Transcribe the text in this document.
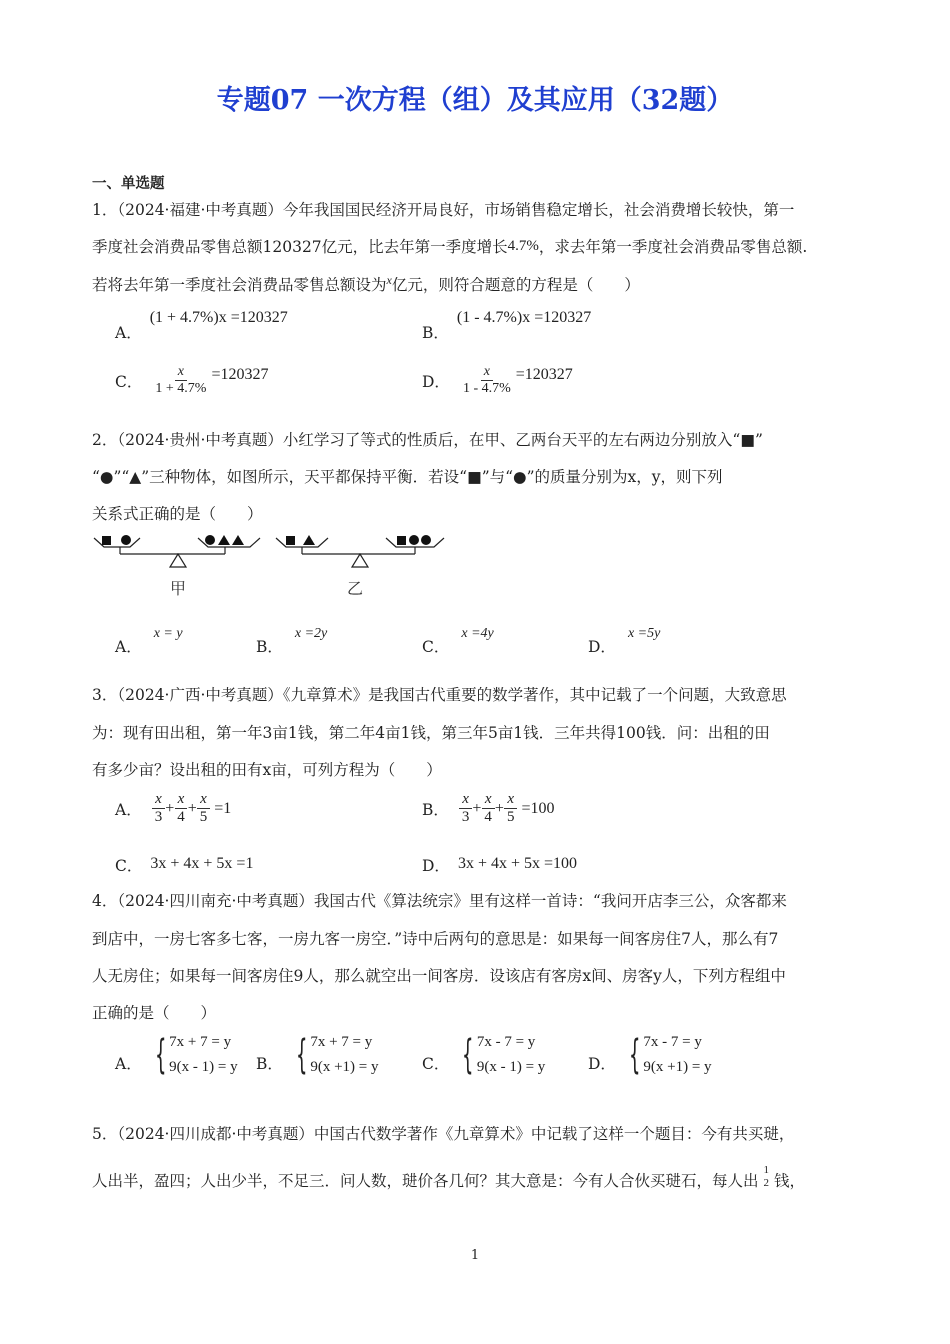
专题07 一次方程（组）及其应用（32题）
一、单选题
1．（2024·福建·中考真题）今年我国国民经济开局良好，市场销售稳定增长，社会消费增长较快，第一
季度社会消费品零售总额120327亿元，比去年第一季度增长4.7%，求去年第一季度社会消费品零售总额.
若将去年第一季度社会消费品零售总额设为$^x$亿元，则符合题意的方程是（　　）
A．(1 + 4.7%)x =120327
B．(1 - 4.7%)x =120327
C． $\frac{x}{1 + 4.7\%} =120327$	D． $\frac{x}{1 - 4.7\%} =120327$
2．（2024·贵州·中考真题）小红学习了等式的性质后，在甲、乙两台天平的左右两边分别放入“■”
“●”“▲”三种物体，如图所示，天平都保持平衡．若设“■”与“●”的质量分别为x，y，则下列
关系式正确的是（　　）
甲	乙
A．x = y
B．x =2y
C．x =4y
D．x =5y
3．（2024·广西·中考真题）《九章算术》是我国古代重要的数学著作，其中记载了一个问题，大致意思
为：现有田出租，第一年3亩1钱，第二年4亩1钱，第三年5亩1钱．三年共得100钱．问：出租的田
有多少亩？设出租的田有x亩，可列方程为（　　）
A． $\frac{x}{3} + \frac{x}{4} + \frac{x}{5} =1$	B． $\frac{x}{3} + \frac{x}{4} + \frac{x}{5} =100$
C． 3x + 4x + 5x =1	D． 3x + 4x + 5x =100
4．（2024·四川南充·中考真题）我国古代《算法统宗》里有这样一首诗：“我问开店李三公，众客都来
到店中，一房七客多七客，一房九客一房空．”诗中后两句的意思是：如果每一间客房住7人，那么有7
人无房住；如果每一间客房住9人，那么就空出一间客房．设该店有客房x间、房客y人，下列方程组中
正确的是（　　）
A． { 7x + 7 = y
9(x - 1) = y B． { 7x + 7 = y
9(x +1) = y	C． { 7x - 7 = y
9(x - 1) = y	D． { 7x - 7 = y
9(x +1) = y
5．（2024·四川成都·中考真题）中国古代数学著作《九章算术》中记载了这样一个题目：今有共买琎，
人出半，盈四；人出少半，不足三．问人数，琎价各几何？其大意是：今有人合伙买琎石，每人出
1
2 钱，
1
